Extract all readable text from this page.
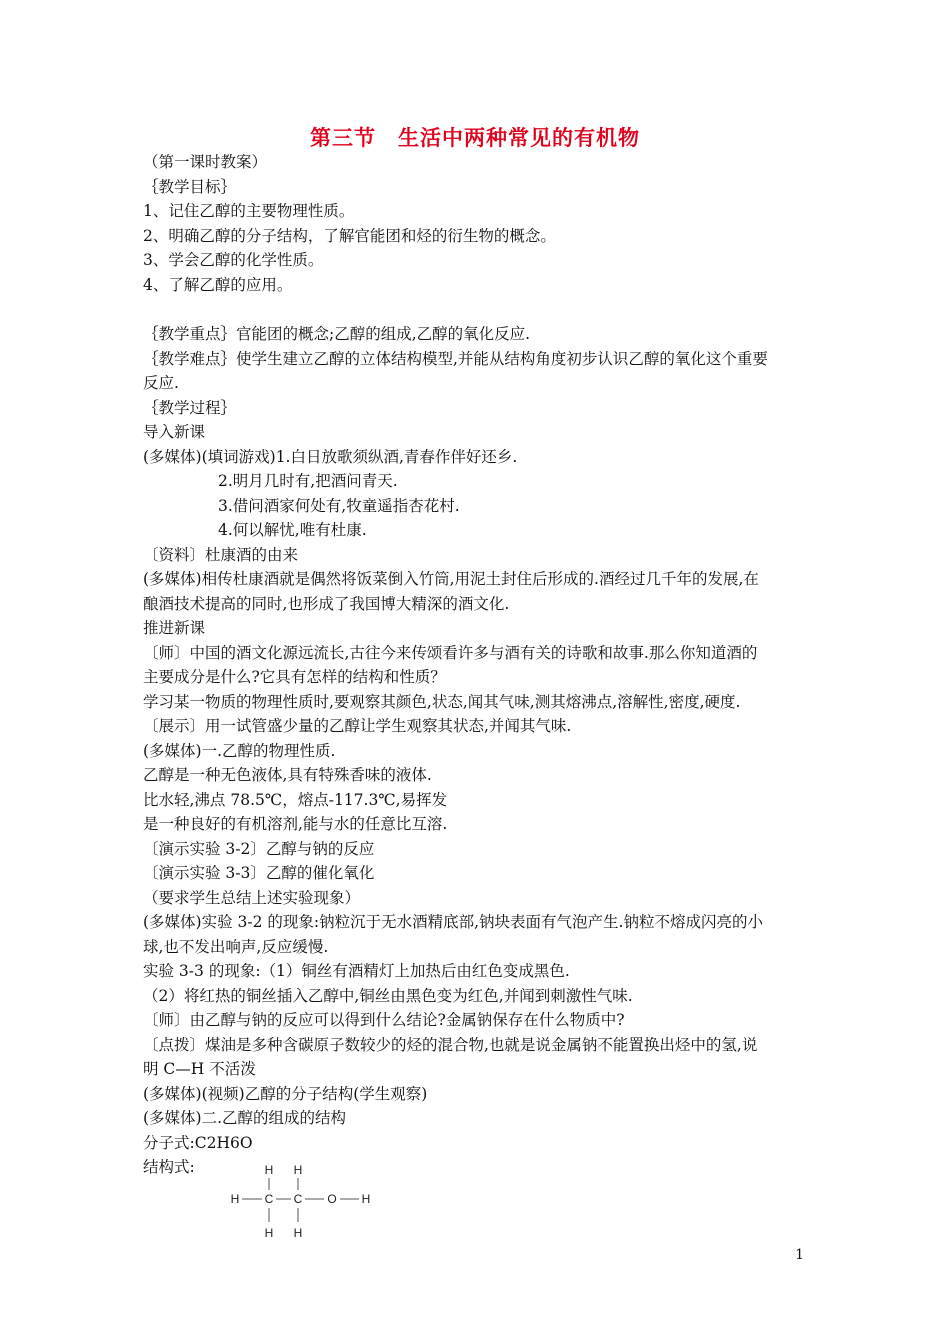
第三节　生活中两种常见的有机物
（第一课时教案）
｛教学目标｝
1、记住乙醇的主要物理性质。
2、明确乙醇的分子结构，了解官能团和烃的衍生物的概念。
3、学会乙醇的化学性质。
4、了解乙醇的应用。
｛教学重点｝官能团的概念;乙醇的组成,乙醇的氧化反应.
｛教学难点｝使学生建立乙醇的立体结构模型,并能从结构角度初步认识乙醇的氧化这个重要
反应.
｛教学过程｝
导入新课
(多媒体)(填词游戏)1.白日放歌须纵酒,青春作伴好还乡.
2.明月几时有,把酒问青天.
3.借问酒家何处有,牧童遥指杏花村.
4.何以解忧,唯有杜康.
〔资料〕杜康酒的由来
(多媒体)相传杜康酒就是偶然将饭菜倒入竹筒,用泥土封住后形成的.酒经过几千年的发展,在
酿酒技术提高的同时,也形成了我国博大精深的酒文化.
推进新课
〔师〕中国的酒文化源远流长,古往今来传颂看许多与酒有关的诗歌和故事.那么你知道酒的
主要成分是什么?它具有怎样的结构和性质？
学习某一物质的物理性质时,要观察其颜色,状态,闻其气味,测其熔沸点,溶解性,密度,硬度.
〔展示〕用一试管盛少量的乙醇让学生观察其状态,并闻其气味.
(多媒体)一.乙醇的物理性质.
乙醇是一种无色液体,具有特殊香味的液体.
比水轻,沸点 78.5℃，熔点-117.3℃,易挥发
是一种良好的有机溶剂,能与水的任意比互溶.
〔演示实验 3-2〕乙醇与钠的反应
〔演示实验 3-3〕乙醇的催化氧化
（要求学生总结上述实验现象）
(多媒体)实验 3-2 的现象:钠粒沉于无水酒精底部,钠块表面有气泡产生.钠粒不熔成闪亮的小
球,也不发出响声,反应缓慢.
实验 3-3 的现象:（1）铜丝有酒精灯上加热后由红色变成黑色.
（2）将红热的铜丝插入乙醇中,铜丝由黑色变为红色,并闻到刺激性气味.
〔师〕由乙醇与钠的反应可以得到什么结论?金属钠保存在什么物质中?
〔点拨〕煤油是多种含碳原子数较少的烃的混合物,也就是说金属钠不能置换出烃中的氢,说
明 C—H 不活泼
(多媒体)(视频)乙醇的分子结构(学生观察)
(多媒体)二.乙醇的组成的结构
分子式:C2H6O
结构式:	H H
H C C O H
H H
1
